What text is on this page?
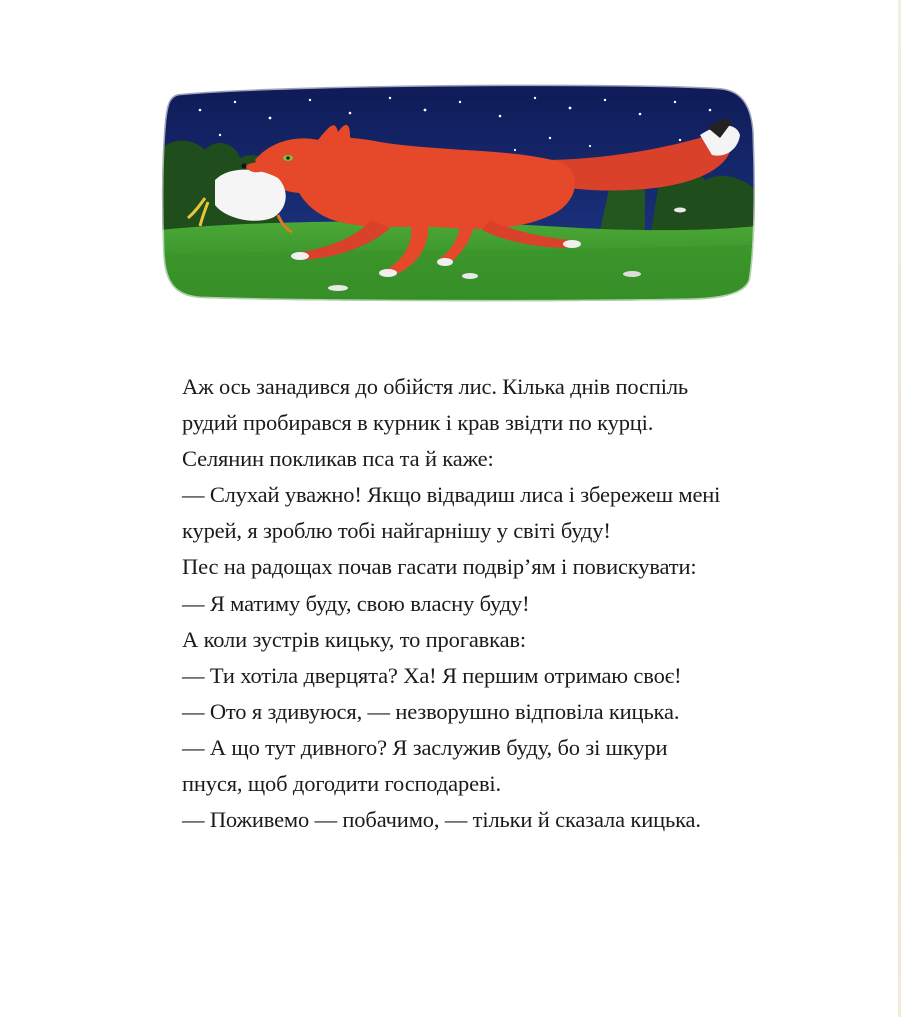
Аж ось занадився до обійстя лис. Кілька днів поспіль

рудий пробирався в курник і крав звідти по курці.

Селянин покликав пса та й каже:

— Слухай уважно! Якщо відвадиш лиса і збережеш мені

курей, я зроблю тобі найгарнішу у світі буду!

Пес на радощах почав гасати подвір’ям і повискувати:

— Я матиму буду, свою власну буду!

А коли зустрів кицьку, то прогавкав:

— Ти хотіла дверцята? Ха! Я першим отримаю своє!

— Ото я здивуюся, — незворушно відповіла кицька.

— А що тут дивного? Я заслужив буду, бо зі шкури

пнуся, щоб догодити господареві.

— Поживемо — побачимо, — тільки й сказала кицька.
